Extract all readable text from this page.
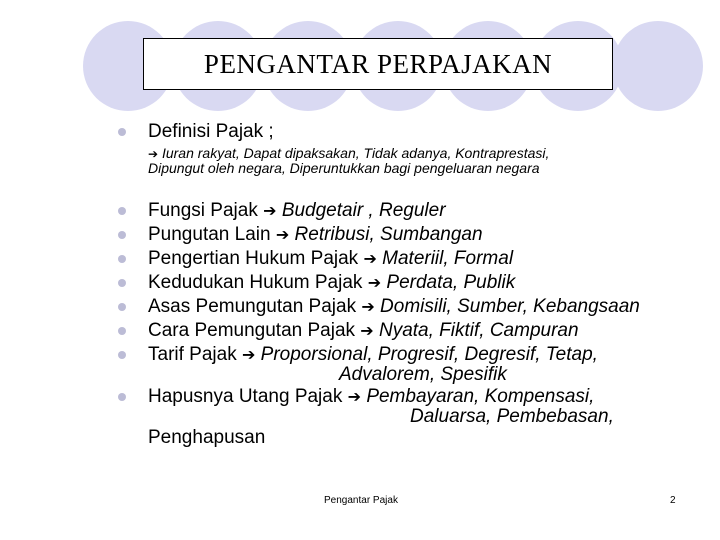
PENGANTAR PERPAJAKAN
Definisi Pajak ;
➔ Iuran rakyat, Dapat dipaksakan, Tidak adanya, Kontraprestasi,
Dipungut oleh negara, Diperuntukkan bagi pengeluaran negara
Fungsi Pajak ➔ Budgetair , Reguler
Pungutan Lain ➔ Retribusi, Sumbangan
Pengertian Hukum Pajak ➔ Materiil, Formal
Kedudukan Hukum Pajak ➔ Perdata, Publik
Asas Pemungutan Pajak ➔ Domisili, Sumber, Kebangsaan
Cara Pemungutan Pajak ➔ Nyata, Fiktif, Campuran
Tarif Pajak ➔ Proporsional, Progresif, Degresif, Tetap,
Advalorem, Spesifik
Hapusnya Utang Pajak ➔ Pembayaran, Kompensasi,
Daluarsa, Pembebasan,
Penghapusan
Pengantar Pajak	2
